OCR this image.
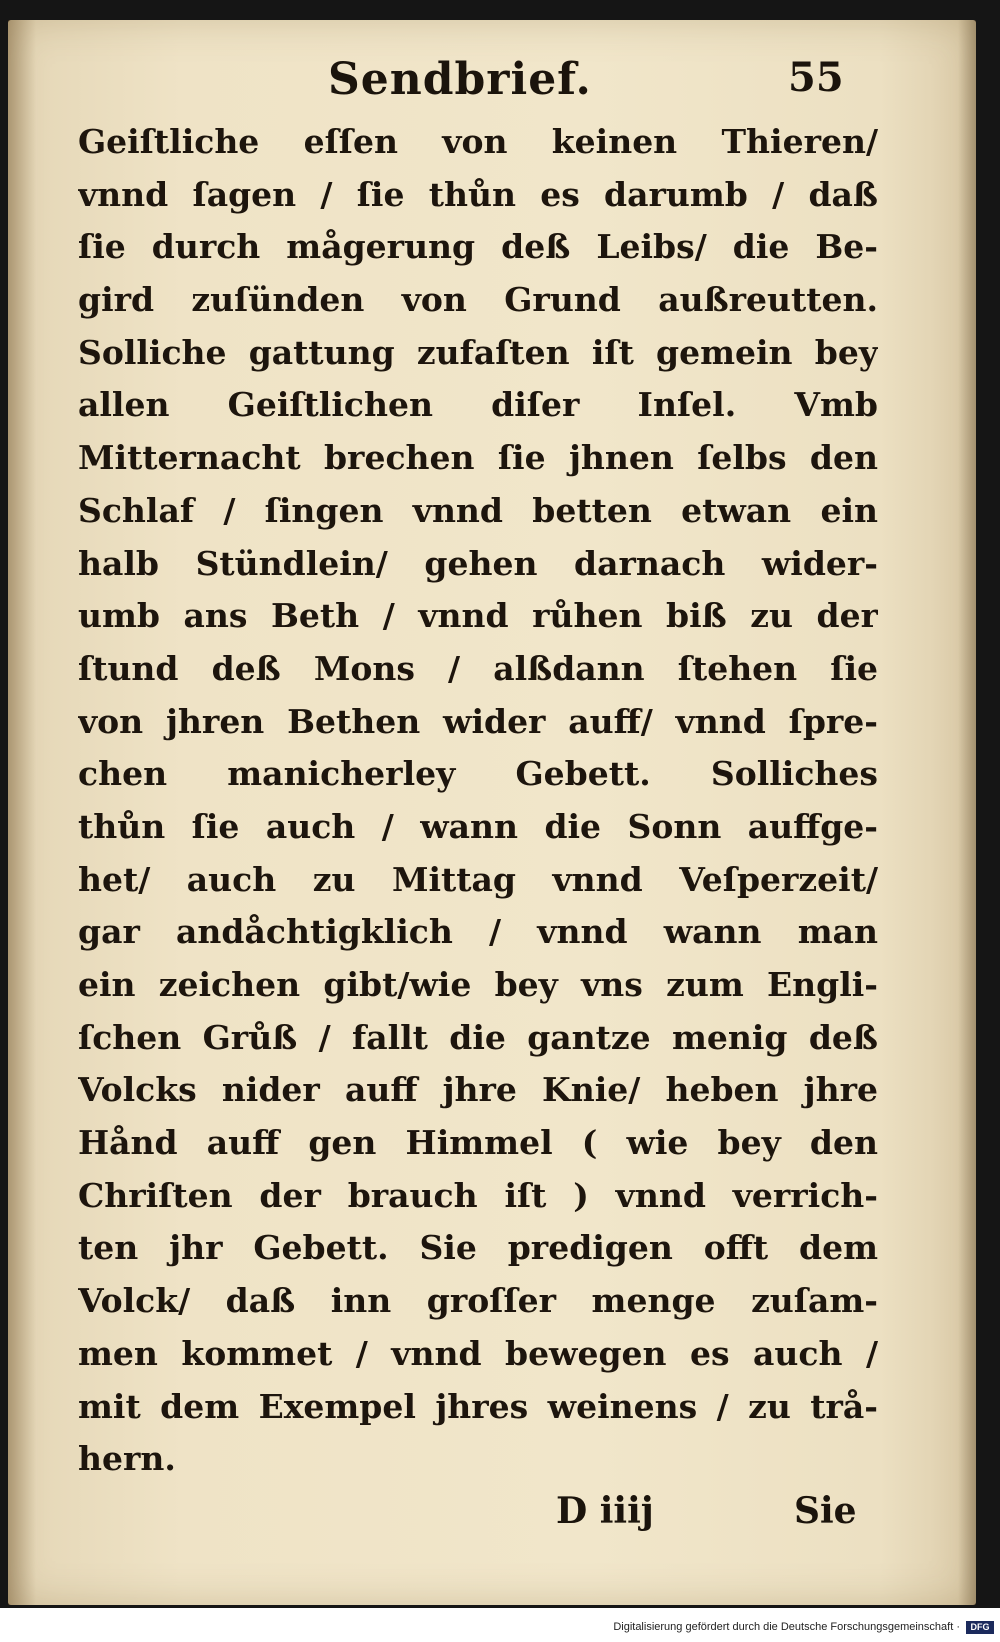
Sendbrief.	55
Geiſtliche eſſen von keinen Thieren/
vnnd ſagen / ſie thůn es darumb / daß
ſie durch mågerung deß Leibs/ die Be-
gird zuſünden von Grund außreutten.
Solliche gattung zufaſten iſt gemein bey
allen Geiſtlichen diſer Inſel. Vmb
Mitternacht brechen ſie jhnen ſelbs den
Schlaf / ſingen vnnd betten etwan ein
halb Stündlein/ gehen darnach wider-
umb ans Beth / vnnd růhen biß zu der
ſtund deß Mons / alßdann ſtehen ſie
von jhren Bethen wider auff/ vnnd ſpre-
chen manicherley Gebett. Solliches
thůn ſie auch / wann die Sonn auffge-
het/ auch zu Mittag vnnd Veſperzeit/
gar andåchtigklich / vnnd wann man
ein zeichen gibt/wie bey vns zum Engli-
ſchen Grůß / fallt die gantze menig deß
Volcks nider auff jhre Knie/ heben jhre
Hånd auff gen Himmel ( wie bey den
Chriſten der brauch iſt ) vnnd verrich-
ten jhr Gebett. Sie predigen offt dem
Volck/ daß inn groſſer menge zuſam-
men kommet / vnnd bewegen es auch /
mit dem Exempel jhres weinens / zu trå-
hern.
D iiij	Sie
Digitalisierung gefördert durch die Deutsche Forschungsgemeinschaft ·	DFG
